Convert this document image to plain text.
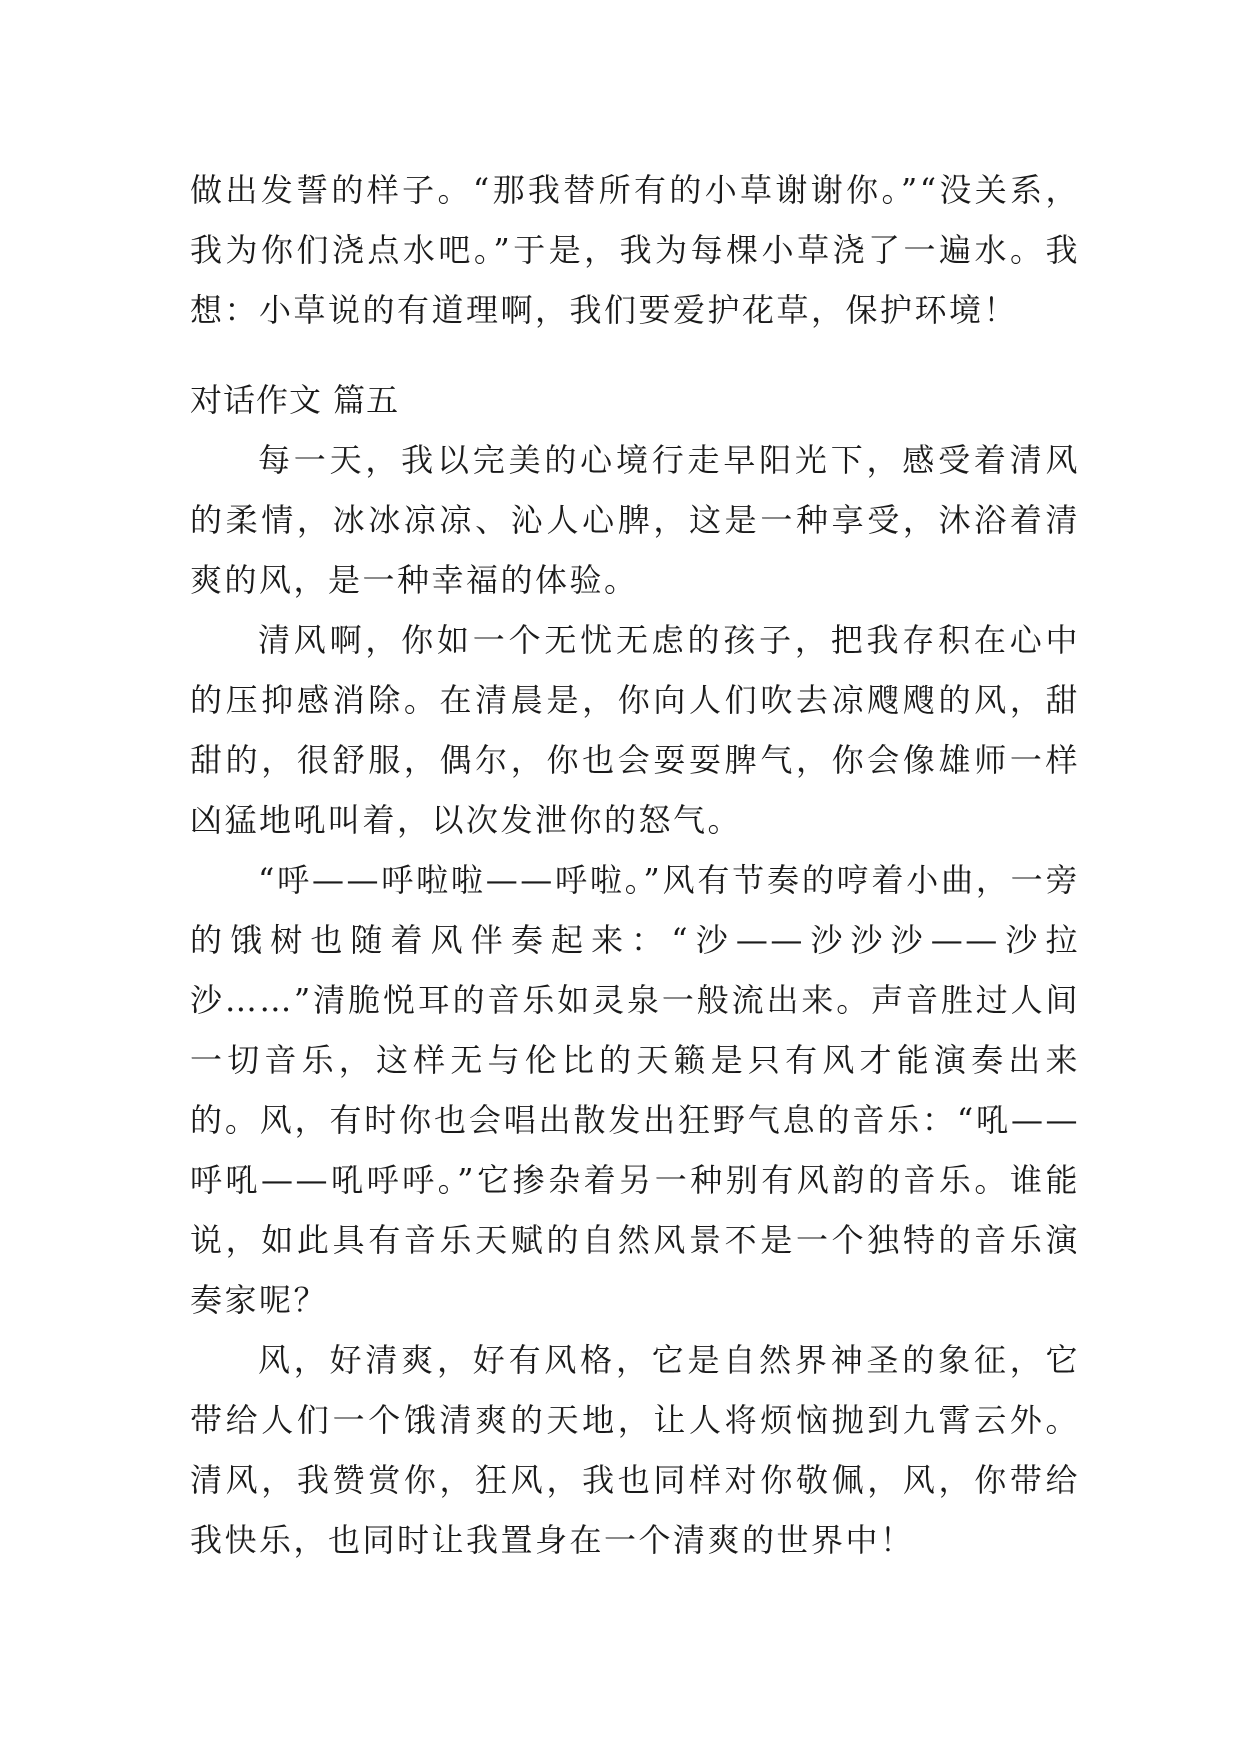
做出发誓的样子。“那我替所有的小草谢谢你。”“没关系，我为你们浇点水吧。”于是，我为每棵小草浇了一遍水。我想：小草说的有道理啊，我们要爱护花草，保护环境！

对话作文 篇五

每一天，我以完美的心境行走早阳光下，感受着清风的柔情，冰冰凉凉、沁人心脾，这是一种享受，沐浴着清爽的风，是一种幸福的体验。

清风啊，你如一个无忧无虑的孩子，把我存积在心中的压抑感消除。在清晨是，你向人们吹去凉飕飕的风，甜甜的，很舒服，偶尔，你也会耍耍脾气，你会像雄师一样凶猛地吼叫着，以次发泄你的怒气。

“呼——呼啦啦——呼啦。”风有节奏的哼着小曲，一旁的饿树也随着风伴奏起来：“沙——沙沙沙——沙拉沙……”清脆悦耳的音乐如灵泉一般流出来。声音胜过人间一切音乐，这样无与伦比的天籁是只有风才能演奏出来的。风，有时你也会唱出散发出狂野气息的音乐：“吼——呼吼——吼呼呼。”它掺杂着另一种别有风韵的音乐。谁能说，如此具有音乐天赋的自然风景不是一个独特的音乐演奏家呢？

风，好清爽，好有风格，它是自然界神圣的象征，它带给人们一个饿清爽的天地，让人将烦恼抛到九霄云外。清风，我赞赏你，狂风，我也同样对你敬佩，风，你带给我快乐，也同时让我置身在一个清爽的世界中！
